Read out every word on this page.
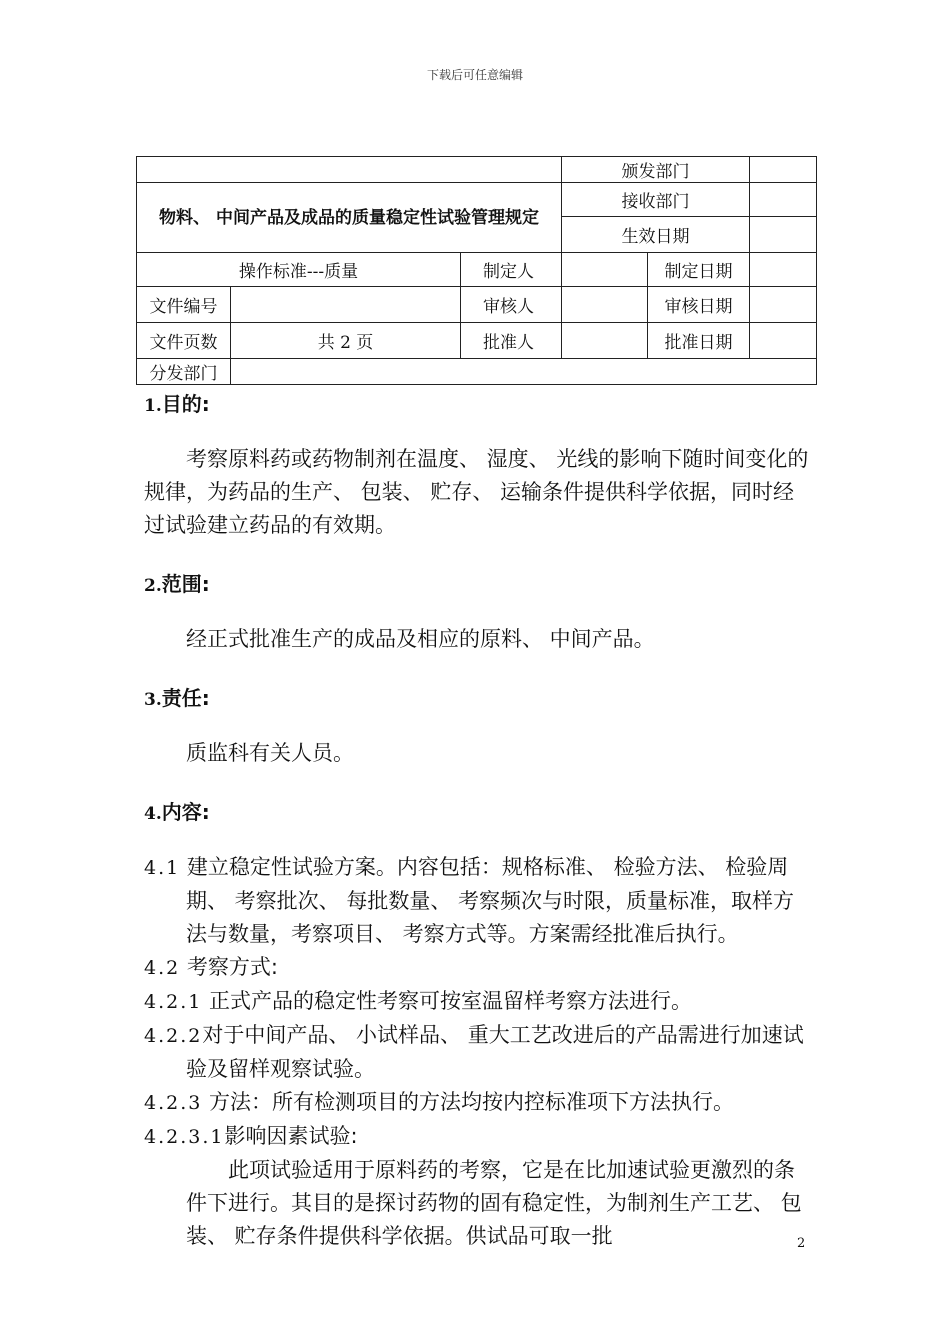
下载后可任意编辑
			颁发部门		
物料、 中间产品及成品的质量稳定性试验管理规定			接收部门		
			生效日期		
操作标准---质量		制定人		制定日期	
文件编号		审核人		审核日期	
文件页数	共 2 页	批准人		批准日期	
分发部门					

1.目的:

考察原料药或药物制剂在温度、 湿度、 光线的影响下随时间变化的规律，为药品的生产、 包装、 贮存、 运输条件提供科学依据，同时经过试验建立药品的有效期。

2.范围:

经正式批准生产的成品及相应的原料、 中间产品。

3.责任:

质监科有关人员。

4.内容:

4.1 建立稳定性试验方案。内容包括：规格标准、 检验方法、 检验周期、 考察批次、 每批数量、 考察频次与时限，质量标准，取样方法与数量，考察项目、 考察方式等。方案需经批准后执行。

4.2 考察方式:

4.2.1 正式产品的稳定性考察可按室温留样考察方法进行。

4.2.2对于中间产品、 小试样品、 重大工艺改进后的产品需进行加速试验及留样观察试验。

4.2.3 方法：所有检测项目的方法均按内控标准项下方法执行。

4.2.3.1影响因素试验:

此项试验适用于原料药的考察，它是在比加速试验更激烈的条件下进行。其目的是探讨药物的固有稳定性，为制剂生产工艺、 包装、 贮存条件提供科学依据。供试品可取一批	2
